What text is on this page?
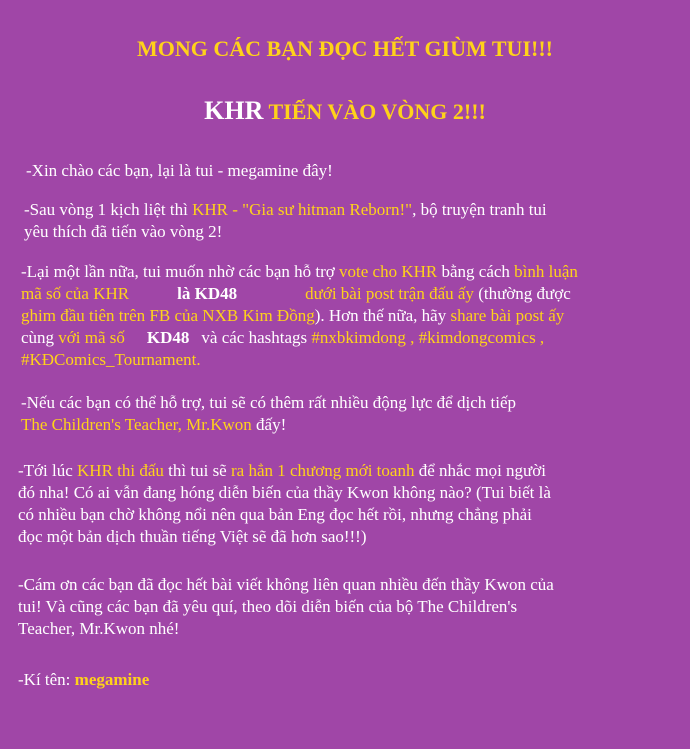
MONG CÁC BẠN ĐỌC HẾT GIÙM TUI!!!
KHR TIẾN VÀO VÒNG 2!!!
-Xin chào các bạn, lại là tui - megamine đây!
-Sau vòng 1 kịch liệt thì KHR - "Gia sư hitman Reborn!", bộ truyện tranh tui
yêu thích đã tiến vào vòng 2!
-Lại một lần nữa, tui muốn nhờ các bạn hỗ trợ vote cho KHR bằng cách bình luận
mã số của KHR	là KD48	dưới bài post trận đấu ấy (thường được
ghim đầu tiên trên FB của NXB Kim Đồng). Hơn thế nữa, hãy share bài post ấy
cùng với mã số KD48 và các hashtags #nxbkimdong , #kimdongcomics ,
#KĐComics_Tournament.
-Nếu các bạn có thể hỗ trợ, tui sẽ có thêm rất nhiều động lực để dịch tiếp
The Children's Teacher, Mr.Kwon đấy!
-Tới lúc KHR thi đấu thì tui sẽ ra hẳn 1 chương mới toanh để nhắc mọi người
đó nha! Có ai vẫn đang hóng diễn biến của thầy Kwon không nào? (Tui biết là
có nhiều bạn chờ không nổi nên qua bản Eng đọc hết rồi, nhưng chẳng phải
đọc một bản dịch thuần tiếng Việt sẽ đã hơn sao!!!)
-Cám ơn các bạn đã đọc hết bài viết không liên quan nhiều đến thầy Kwon của
tui! Và cũng các bạn đã yêu quí, theo dõi diễn biến của bộ The Children's
Teacher, Mr.Kwon nhé!
-Kí tên: megamine
